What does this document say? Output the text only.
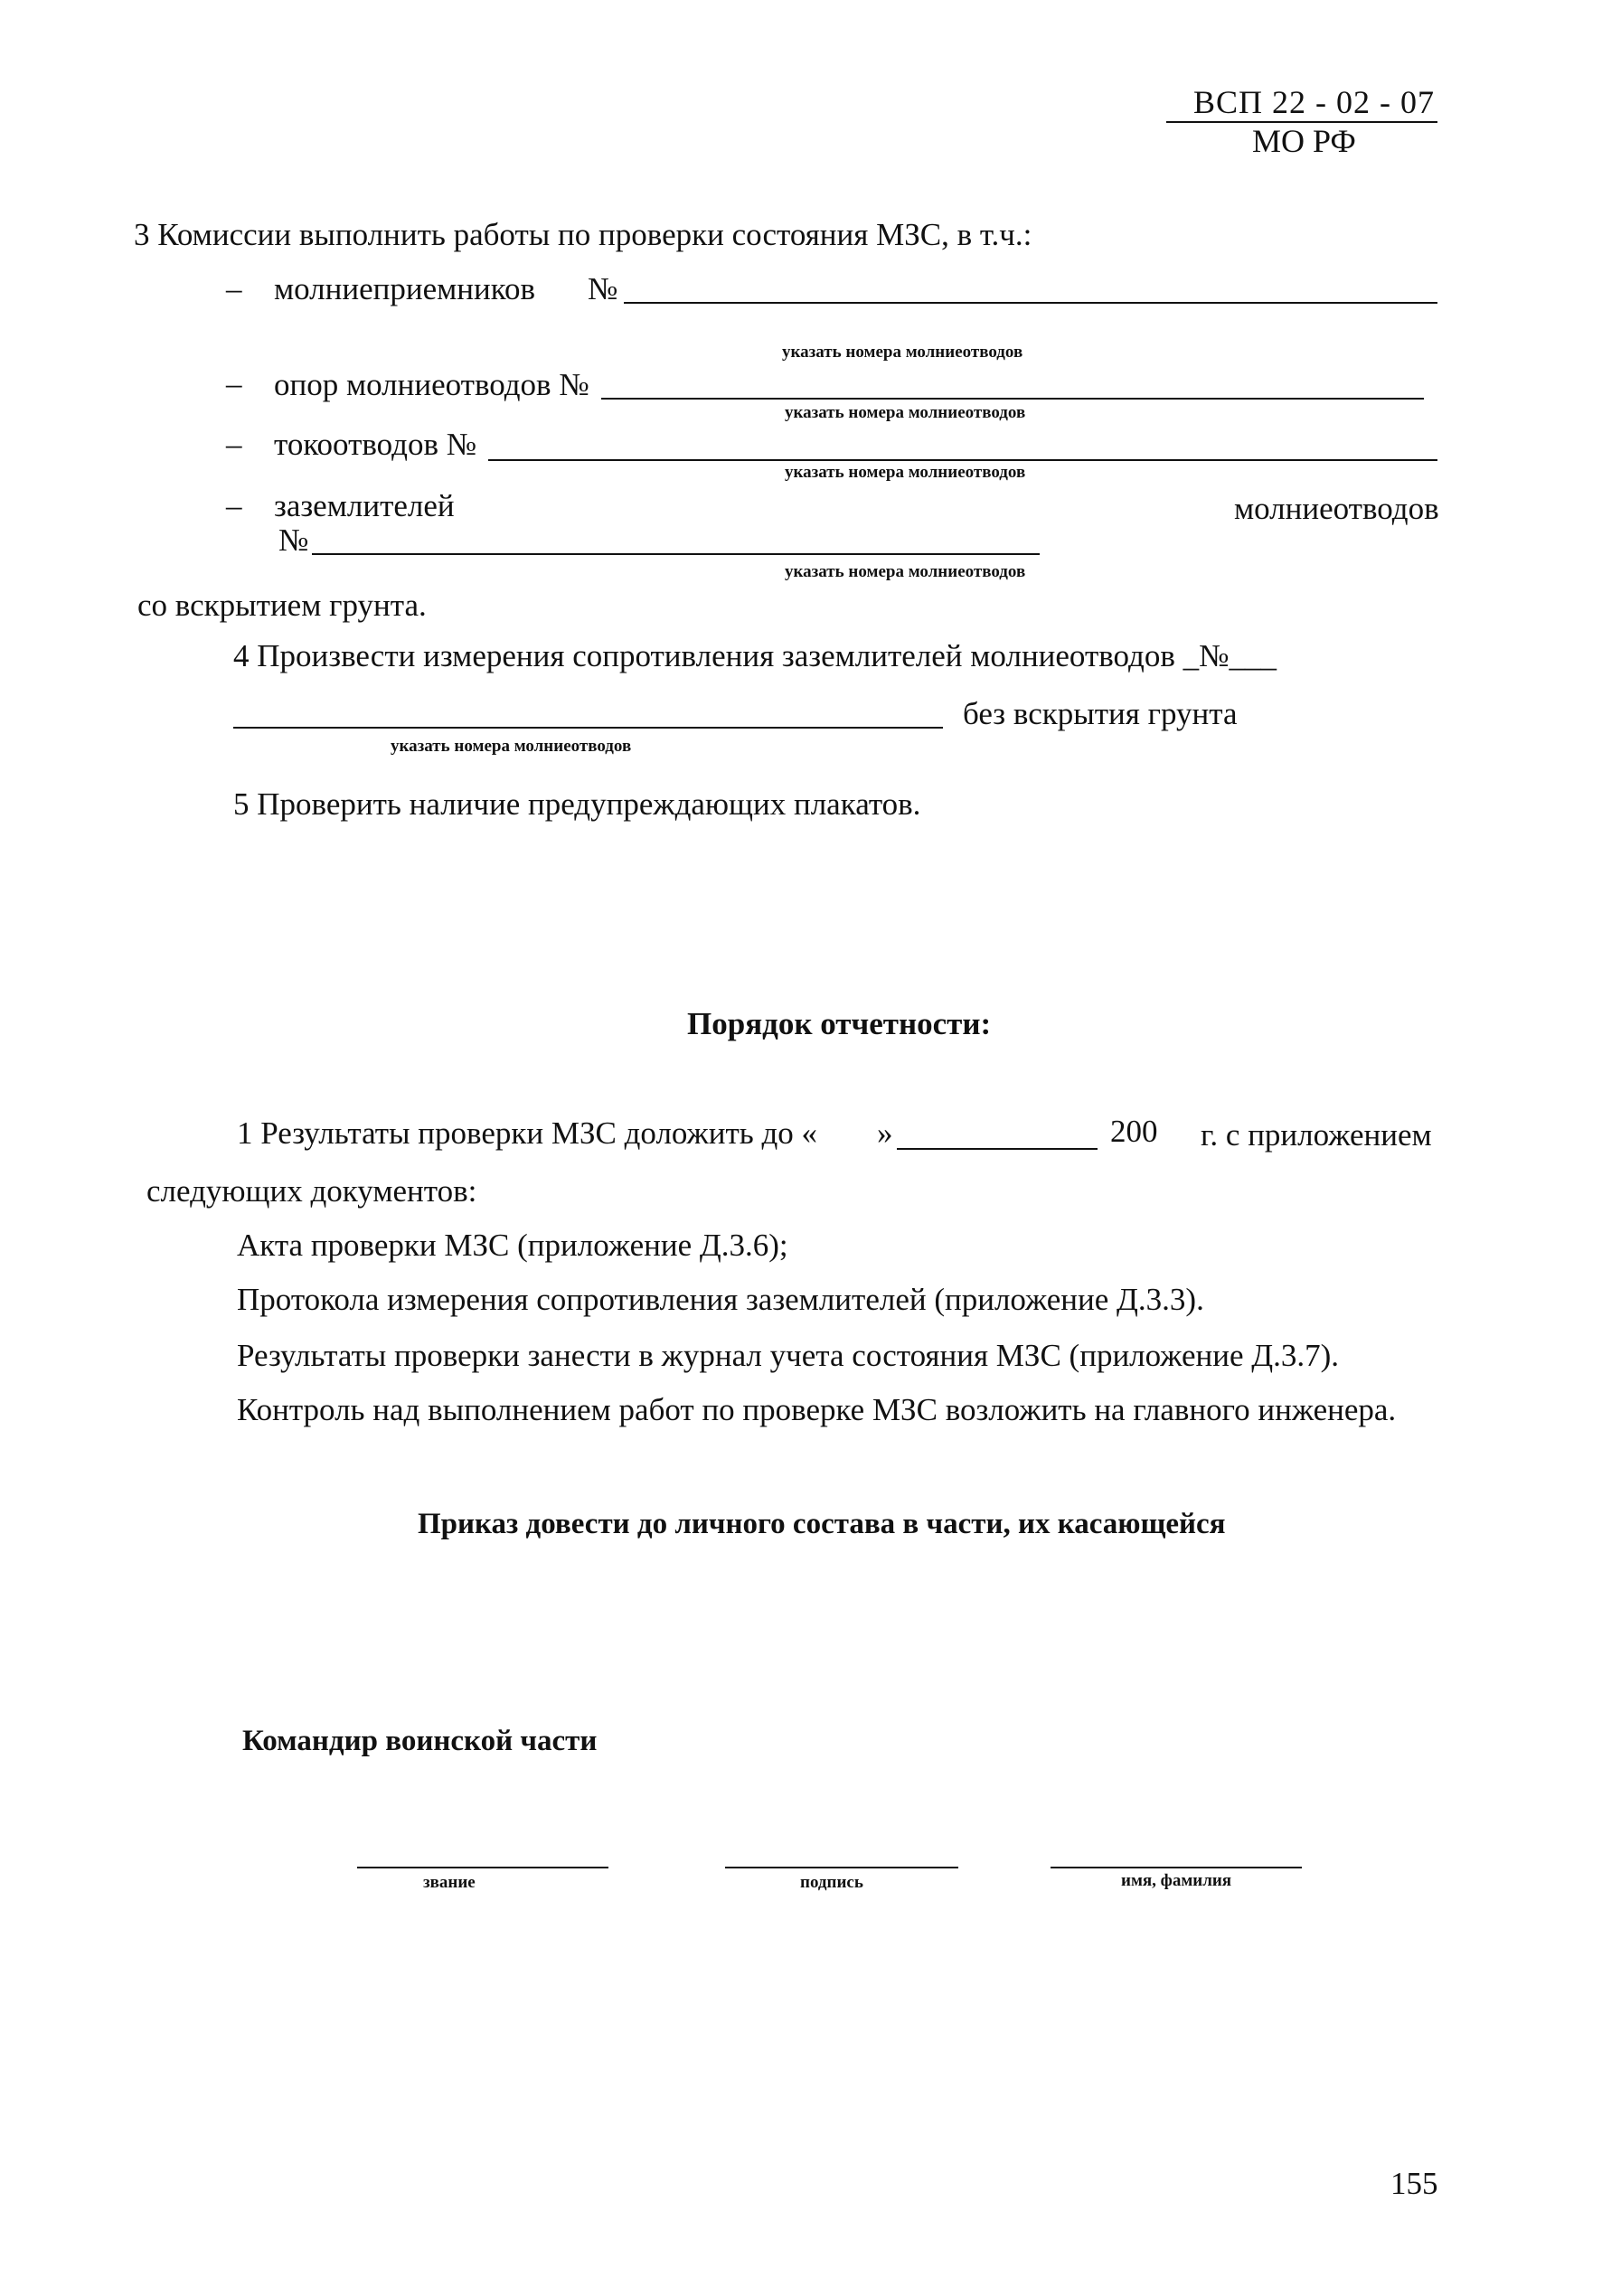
ВСП 22 - 02 - 07
МО РФ
3 Комиссии выполнить работы по проверки состояния МЗС, в т.ч.:
– молниеприемников №
указать номера молниеотводов
– опор молниеотводов №
указать номера молниеотводов
– токоотводов №
указать номера молниеотводов
– заземлителей	молниеотводов
№
указать номера молниеотводов
со вскрытием грунта.
4 Произвести измерения сопротивления заземлителей молниеотводов _№___
без вскрытия грунта
указать номера молниеотводов
5 Проверить наличие предупреждающих плакатов.
Порядок отчетности:
1 Результаты проверки МЗС доложить до « »	200 г. с приложением
следующих документов:
Акта проверки МЗС (приложение Д.3.6);
Протокола измерения сопротивления заземлителей (приложение Д.3.3).
Результаты проверки занести в журнал учета состояния МЗС (приложение Д.3.7).
Контроль над выполнением работ по проверке МЗС возложить на главного инженера.
Приказ довести до личного состава в части, их касающейся
Командир воинской части
звание	подпись	имя, фамилия
155
